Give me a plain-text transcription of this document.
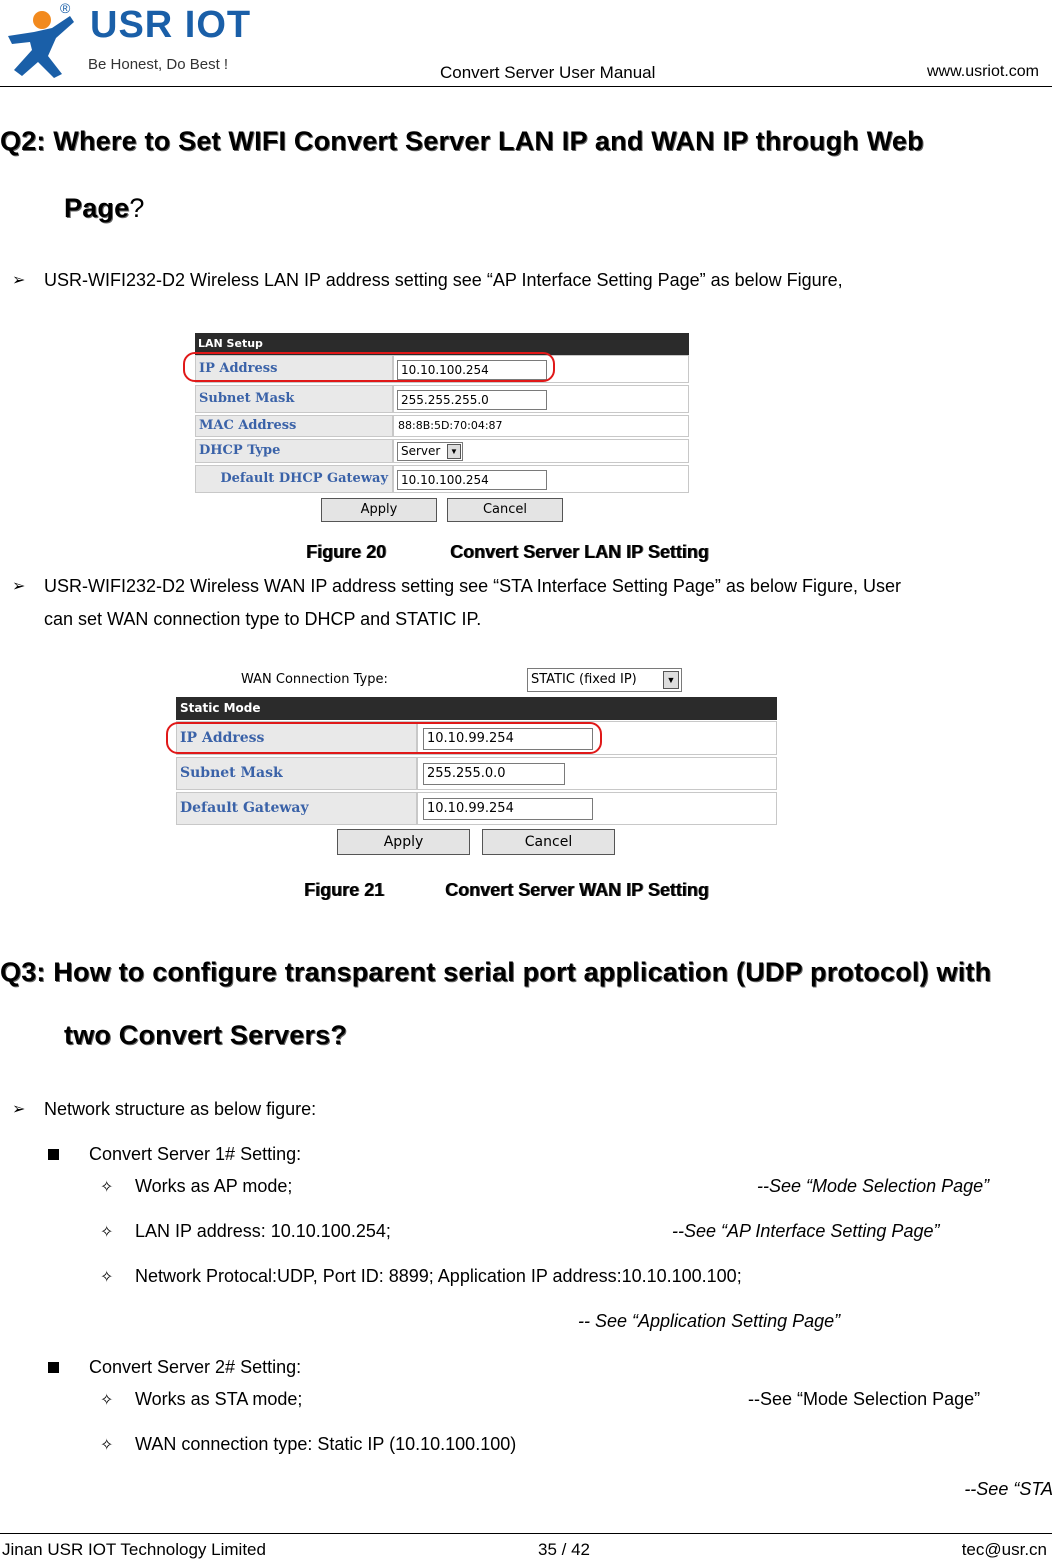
® USR IOT
Be Honest, Do Best !	Convert Server User Manual	www.usriot.com
Q2: Where to Set WIFI Convert Server LAN IP and WAN IP through Web
Page?
➢ USR-WIFI232-D2 Wireless LAN IP address setting see “AP Interface Setting Page” as below Figure,
LAN Setup
IP Address	10.10.100.254
Subnet Mask	255.255.255.0
MAC Address	88:8B:5D:70:04:87
DHCP Type	Server	▼
Default DHCP Gateway	10.10.100.254
Apply	Cancel
Figure 20	Convert Server LAN IP Setting
➢ USR-WIFI232-D2 Wireless WAN IP address setting see “STA Interface Setting Page” as below Figure, User
can set WAN connection type to DHCP and STATIC IP.
WAN Connection Type:	STATIC (fixed IP)	▼
Static Mode
IP Address	10.10.99.254
Subnet Mask	255.255.0.0
Default Gateway	10.10.99.254
Apply	Cancel
Figure 21	Convert Server WAN IP Setting
Q3: How to configure transparent serial port application (UDP protocol) with
two Convert Servers?
➢ Network structure as below figure:
Convert Server 1# Setting:
✧ Works as AP mode;	--See “Mode Selection Page”
✧ LAN IP address: 10.10.100.254;	--See “AP Interface Setting Page”
✧ Network Protocal:UDP, Port ID: 8899; Application IP address:10.10.100.100;
-- See “Application Setting Page”
Convert Server 2# Setting:
✧ Works as STA mode;	--See “Mode Selection Page”
✧ WAN connection type: Static IP (10.10.100.100)
--See “STA
Jinan USR IOT Technology Limited	35 / 42	tec@usr.cn
